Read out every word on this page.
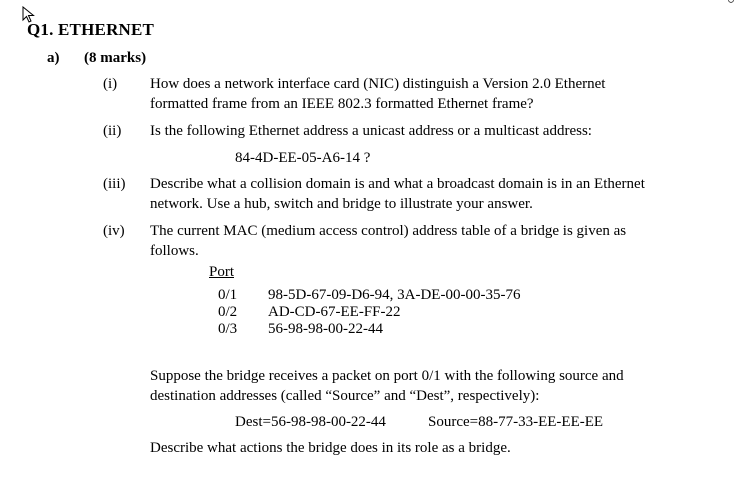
Q1. ETHERNET
a) (8 marks)
(i) How does a network interface card (NIC) distinguish a Version 2.0 Ethernet
formatted frame from an IEEE 802.3 formatted Ethernet frame?
(ii) Is the following Ethernet address a unicast address or a multicast address:
84-4D-EE-05-A6-14 ?
(iii) Describe what a collision domain is and what a broadcast domain is in an Ethernet
network. Use a hub, switch and bridge to illustrate your answer.
(iv) The current MAC (medium access control) address table of a bridge is given as
follows.
Port
0/1 98-5D-67-09-D6-94, 3A-DE-00-00-35-76
0/2 AD-CD-67-EE-FF-22
0/3 56-98-98-00-22-44
Suppose the bridge receives a packet on port 0/1 with the following source and
destination addresses (called “Source” and “Dest”, respectively):
Dest=56-98-98-00-22-44	Source=88-77-33-EE-EE-EE
Describe what actions the bridge does in its role as a bridge.
